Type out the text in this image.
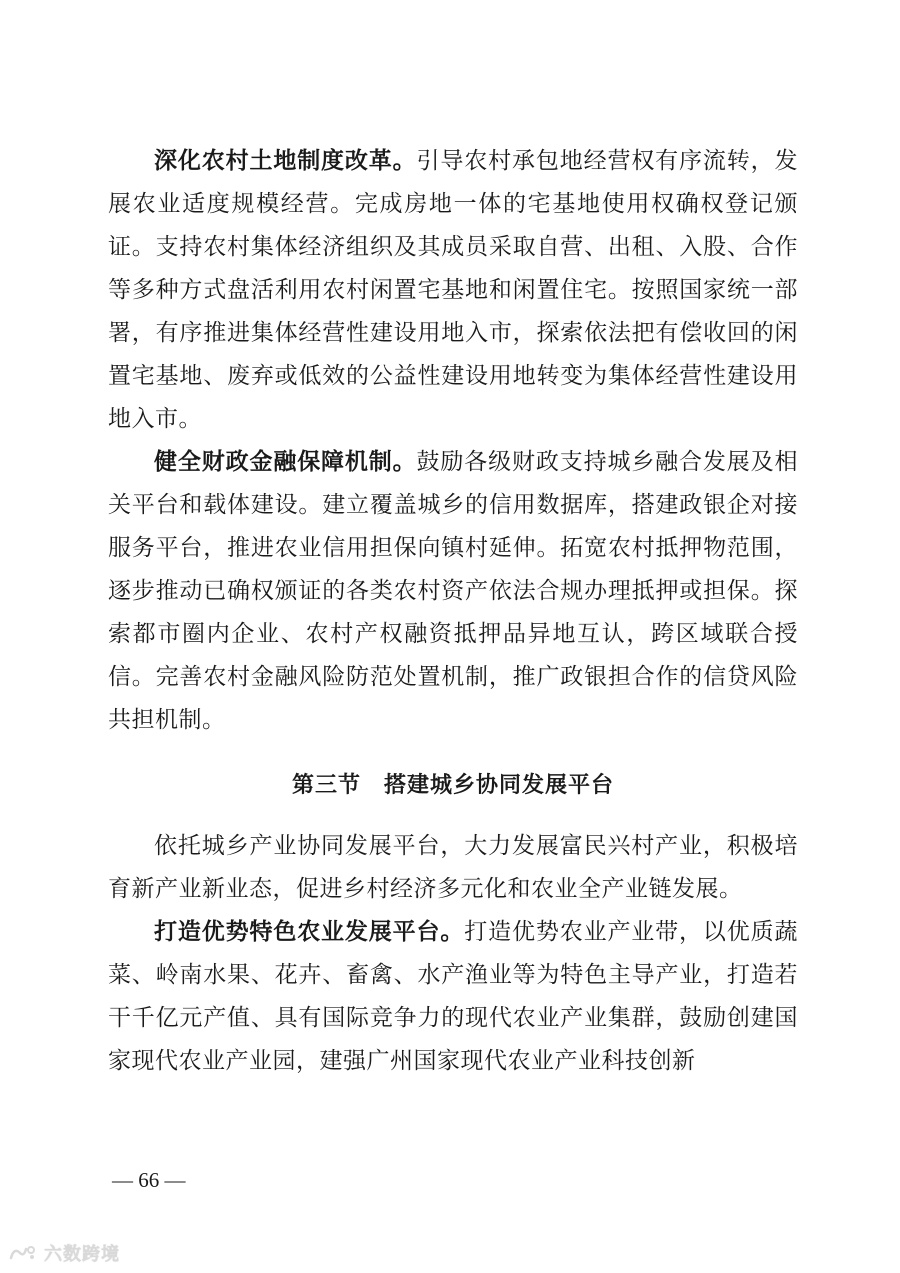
深化农村土地制度改革。引导农村承包地经营权有序流转，发展农业适度规模经营。完成房地一体的宅基地使用权确权登记颁证。支持农村集体经济组织及其成员采取自营、出租、入股、合作等多种方式盘活利用农村闲置宅基地和闲置住宅。按照国家统一部署，有序推进集体经营性建设用地入市，探索依法把有偿收回的闲置宅基地、废弃或低效的公益性建设用地转变为集体经营性建设用地入市。

健全财政金融保障机制。鼓励各级财政支持城乡融合发展及相关平台和载体建设。建立覆盖城乡的信用数据库，搭建政银企对接服务平台，推进农业信用担保向镇村延伸。拓宽农村抵押物范围，逐步推动已确权颁证的各类农村资产依法合规办理抵押或担保。探索都市圈内企业、农村产权融资抵押品异地互认，跨区域联合授信。完善农村金融风险防范处置机制，推广政银担合作的信贷风险共担机制。

第三节　搭建城乡协同发展平台

依托城乡产业协同发展平台，大力发展富民兴村产业，积极培育新产业新业态，促进乡村经济多元化和农业全产业链发展。

打造优势特色农业发展平台。打造优势农业产业带，以优质蔬菜、岭南水果、花卉、畜禽、水产渔业等为特色主导产业，打造若干千亿元产值、具有国际竞争力的现代农业产业集群，鼓励创建国家现代农业产业园，建强广州国家现代农业产业科技创新

— 66 —
六数跨境
